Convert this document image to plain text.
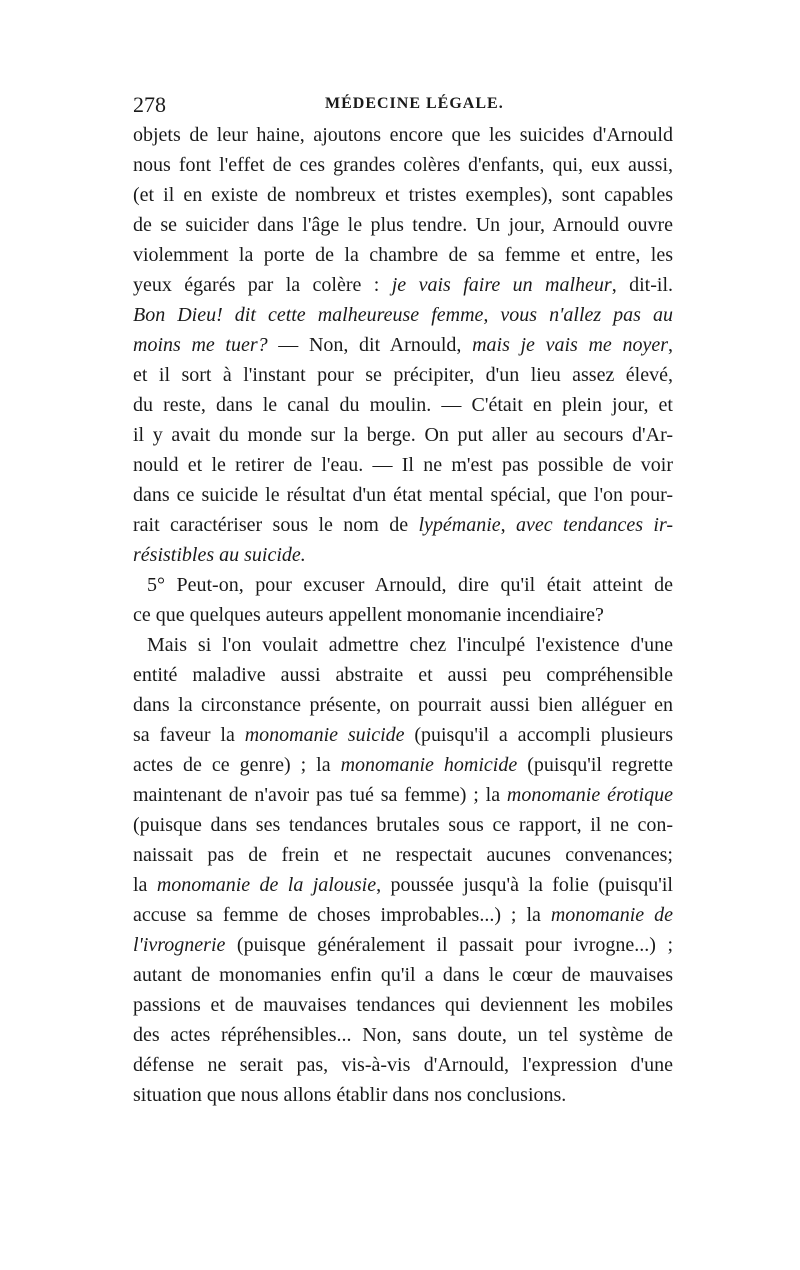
278	MÉDECINE LÉGALE.
objets de leur haine, ajoutons encore que les suicides d'Arnould
nous font l'effet de ces grandes colères d'enfants, qui, eux aussi,
(et il en existe de nombreux et tristes exemples), sont capables
de se suicider dans l'âge le plus tendre. Un jour, Arnould ouvre
violemment la porte de la chambre de sa femme et entre, les
yeux égarés par la colère : je vais faire un malheur, dit-il.
Bon Dieu! dit cette malheureuse femme, vous n'allez pas au
moins me tuer? — Non, dit Arnould, mais je vais me noyer,
et il sort à l'instant pour se précipiter, d'un lieu assez élevé,
du reste, dans le canal du moulin. — C'était en plein jour, et
il y avait du monde sur la berge. On put aller au secours d'Ar-
nould et le retirer de l'eau. — Il ne m'est pas possible de voir
dans ce suicide le résultat d'un état mental spécial, que l'on pour-
rait caractériser sous le nom de lypémanie, avec tendances ir-
résistibles au suicide.
5° Peut-on, pour excuser Arnould, dire qu'il était atteint de
ce que quelques auteurs appellent monomanie incendiaire?
Mais si l'on voulait admettre chez l'inculpé l'existence d'une
entité maladive aussi abstraite et aussi peu compréhensible
dans la circonstance présente, on pourrait aussi bien alléguer en
sa faveur la monomanie suicide (puisqu'il a accompli plusieurs
actes de ce genre) ; la monomanie homicide (puisqu'il regrette
maintenant de n'avoir pas tué sa femme) ; la monomanie érotique
(puisque dans ses tendances brutales sous ce rapport, il ne con-
naissait pas de frein et ne respectait aucunes convenances;
la monomanie de la jalousie, poussée jusqu'à la folie (puisqu'il
accuse sa femme de choses improbables...) ; la monomanie de
l'ivrognerie (puisque généralement il passait pour ivrogne...) ;
autant de monomanies enfin qu'il a dans le cœur de mauvaises
passions et de mauvaises tendances qui deviennent les mobiles
des actes répréhensibles... Non, sans doute, un tel système de
défense ne serait pas, vis-à-vis d'Arnould, l'expression d'une
situation que nous allons établir dans nos conclusions.
